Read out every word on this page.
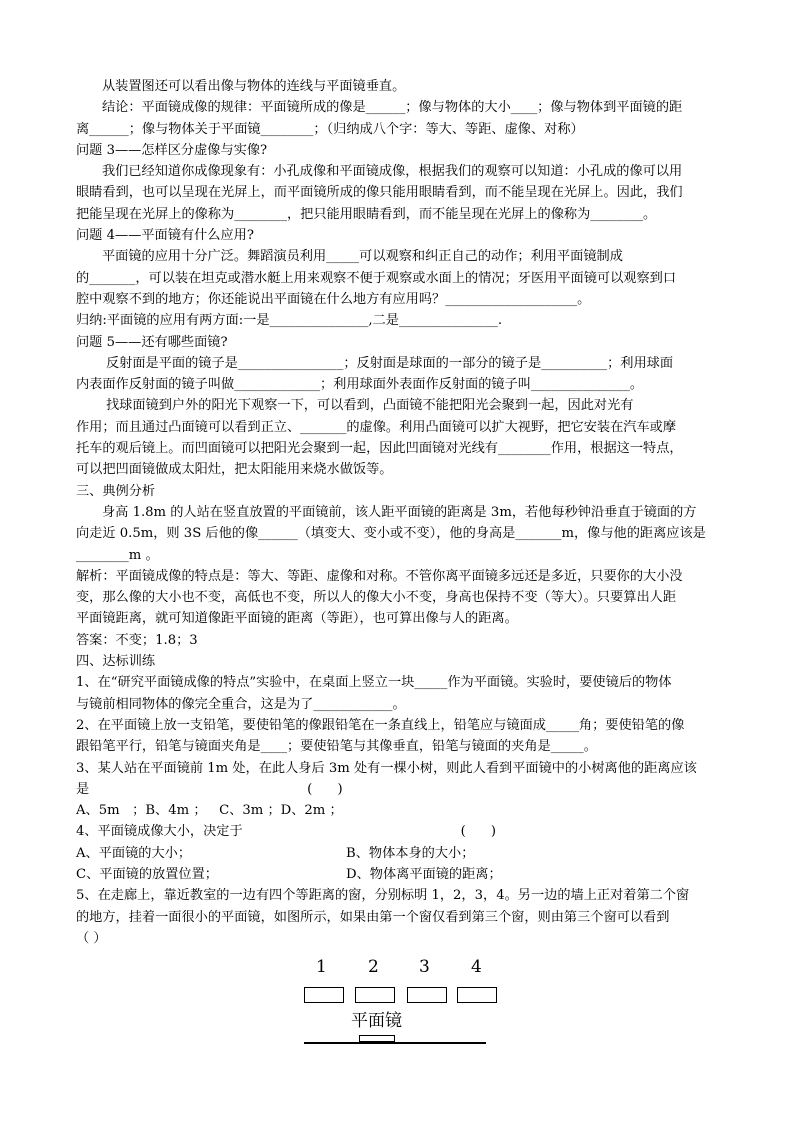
从装置图还可以看出像与物体的连线与平面镜垂直。

结论：平面镜成像的规律：平面镜所成的像是______；像与物体的大小____；像与物体到平面镜的距

离______；像与物体关于平面镜________；（归纳成八个字：等大、等距、虚像、对称）

问题 3——怎样区分虚像与实像?

我们已经知道你成像现象有：小孔成像和平面镜成像，根据我们的观察可以知道：小孔成的像可以用

眼睛看到，也可以呈现在光屏上，而平面镜所成的像只能用眼睛看到，而不能呈现在光屏上。因此，我们

把能呈现在光屏上的像称为________，把只能用眼睛看到，而不能呈现在光屏上的像称为________。

问题 4——平面镜有什么应用?

平面镜的应用十分广泛。舞蹈演员利用_____可以观察和纠正自己的动作；利用平面镜制成

的_______，可以装在坦克或潜水艇上用来观察不便于观察或水面上的情况；牙医用平面镜可以观察到口

腔中观察不到的地方；你还能说出平面镜在什么地方有应用吗？____________________。

归纳:平面镜的应用有两方面:一是_______________,二是_______________.

问题 5——还有哪些面镜?

反射面是平面的镜子是________________；反射面是球面的一部分的镜子是__________；利用球面

内表面作反射面的镜子叫做_____________；利用球面外表面作反射面的镜子叫_______________。

找球面镜到户外的阳光下观察一下，可以看到，凸面镜不能把阳光会聚到一起，因此对光有

作用；而且通过凸面镜可以看到正立、_______的虚像。利用凸面镜可以扩大视野，把它安装在汽车或摩

托车的观后镜上。而凹面镜可以把阳光会聚到一起，因此凹面镜对光线有________作用，根据这一特点，

可以把凹面镜做成太阳灶，把太阳能用来烧水做饭等。

三、典例分析

身高 1.8m 的人站在竖直放置的平面镜前，该人距平面镜的距离是 3m，若他每秒钟沿垂直于镜面的方

向走近 0.5m，则 3S 后他的像______（填变大、变小或不变），他的身高是_______m，像与他的距离应该是

________m 。

解析：平面镜成像的特点是：等大、等距、虚像和对称。不管你离平面镜多远还是多近，只要你的大小没

变，那么像的大小也不变，高低也不变，所以人的像大小不变，身高也保持不变（等大）。只要算出人距

平面镜距离，就可知道像距平面镜的距离（等距），也可算出像与人的距离。

答案：不变；1.8；3

四、达标训练

1、在“研究平面镜成像的特点”实验中，在桌面上竖立一块_____作为平面镜。实验时，要使镜后的物体

与镜前相同物体的像完全重合，这是为了____________。

2、在平面镜上放一支铅笔，要使铅笔的像跟铅笔在一条直线上，铅笔应与镜面成_____角；要使铅笔的像

跟铅笔平行，铅笔与镜面夹角是____；要使铅笔与其像垂直，铅笔与镜面的夹角是_____。

3、某人站在平面镜前 1m 处，在此人身后 3m 处有一棵小树，则此人看到平面镜中的小树离他的距离应该

是                                                    (      )

A、5m   ；B、4m ；   C、3m ；D、2m ；

4、平面镜成像大小，决定于                                                    (      )

A、平面镜的大小；	B、物体本身的大小；
C、平面镜的放置位置；	D、物体离平面镜的距离；

5、在走廊上，靠近教室的一边有四个等距离的窗，分别标明 1，2，3，4。另一边的墙上正对着第二个窗

的地方，挂着一面很小的平面镜，如图所示，如果由第一个窗仅看到第三个窗，则由第三个窗可以看到

（ ）

1 2 3 4
平面镜
